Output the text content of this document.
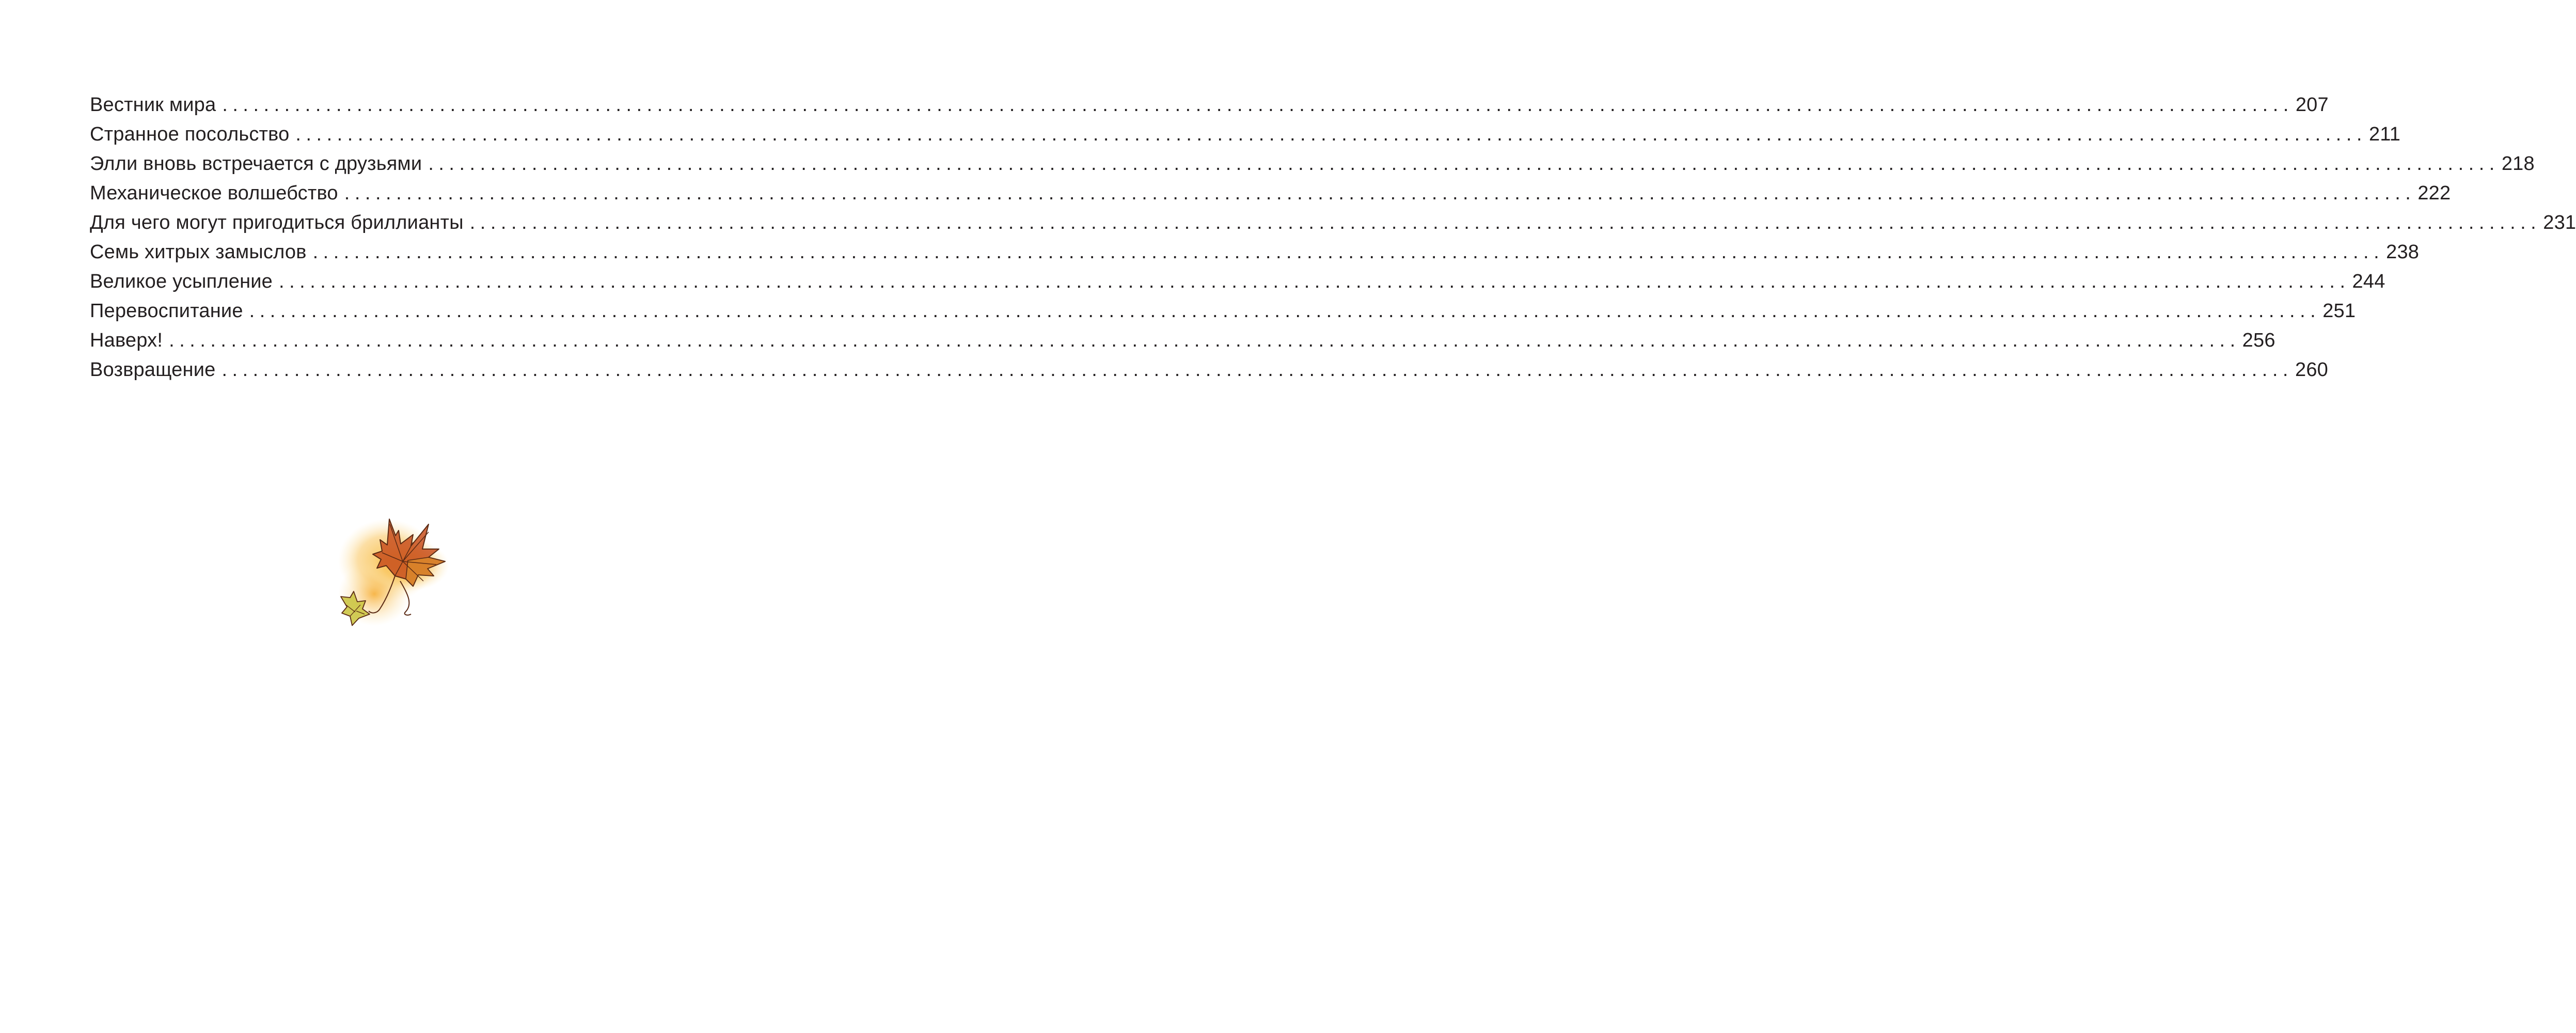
Вестник мира ........................................................................................................................................................................................................ 207
Странное посольство ........................................................................................................................................................................................................ 211
Элли вновь встречается с друзьями ........................................................................................................................................................................................................ 218
Механическое волшебство ........................................................................................................................................................................................................ 222
Для чего могут пригодиться бриллианты ........................................................................................................................................................................................................ 231
Семь хитрых замыслов ........................................................................................................................................................................................................ 238
Великое усыпление ........................................................................................................................................................................................................ 244
Перевоспитание ........................................................................................................................................................................................................ 251
Наверх! ........................................................................................................................................................................................................ 256
Возвращение ........................................................................................................................................................................................................ 260
